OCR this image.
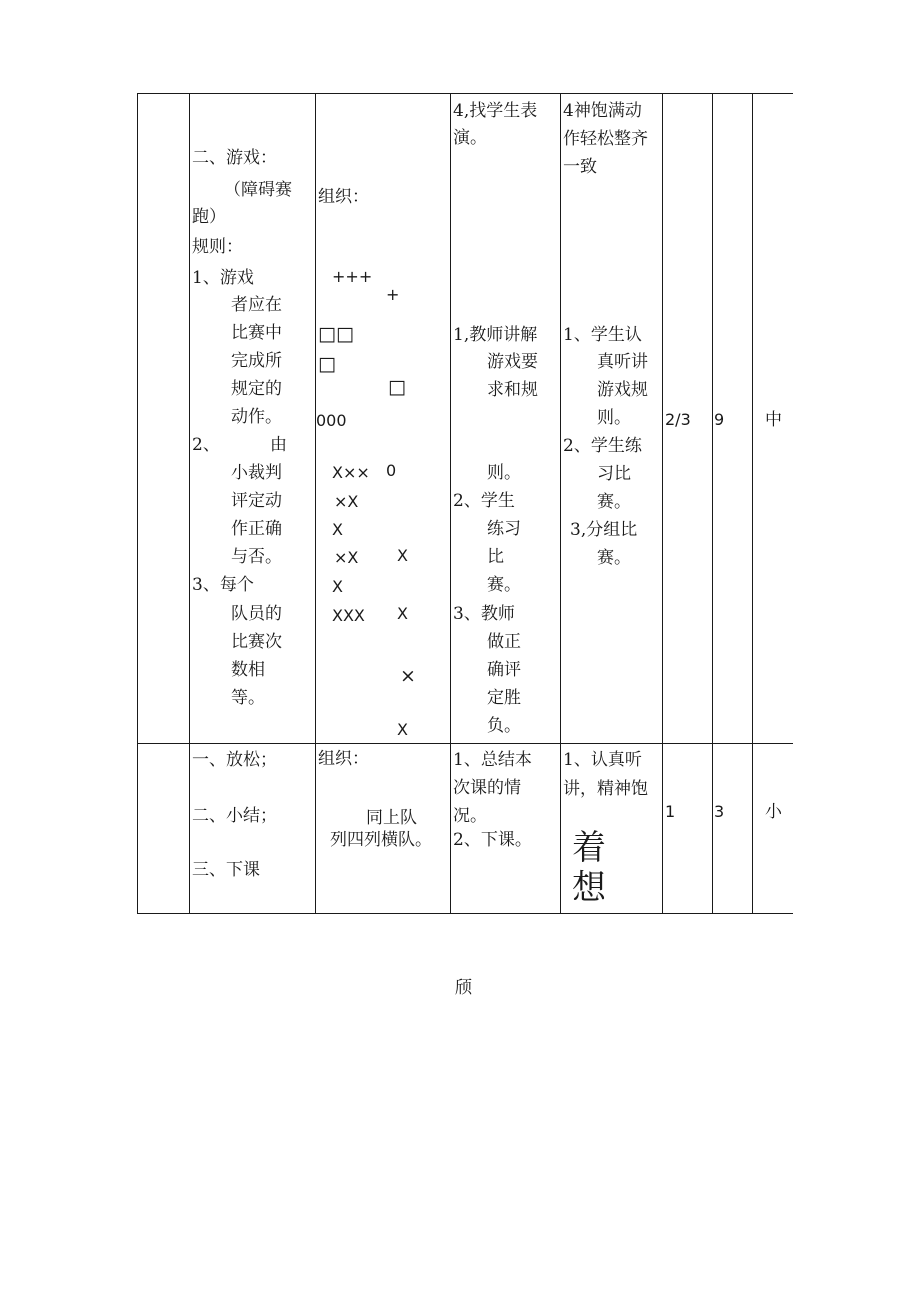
二、游戏：
（障碍赛
跑）
规则：
1、游戏
者应在
比赛中
完成所
规定的
动作。
2、	由
小裁判
评定动
作正确
与否。
3、每个
队员的
比赛次
数相
等。
组织：
+++
+
□□
□
□
000
X×× 0
×X
X
×X X
X
XXX X
×
X
4,找学生表
演。
1,教师讲解
游戏要
求和规
则。
2、学生
练习
比
赛。
3、教师
做正
确评
定胜
负。
4神饱满动
作轻松整齐
一致
1、学生认
真听讲
游戏规
则。
2、学生练
习比
赛。
3,分组比
赛。
2/3 9 中
一、放松；
二、小结；
三、下课
组织：
同上队
列四列横队。
1、总结本
次课的情
况。
2、下课。
1、认真听
讲，精神饱
着
想
1 3 小
颀
